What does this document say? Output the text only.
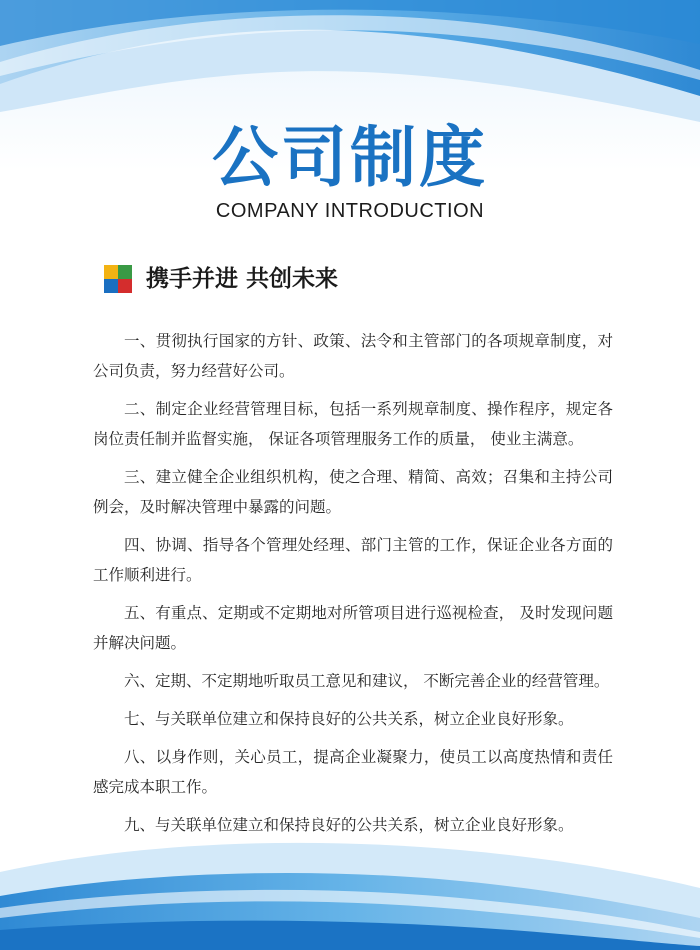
公司制度
COMPANY INTRODUCTION
携手并进 共创未来

一、贯彻执行国家的方针、政策、法令和主管部门的各项规章制度，对公司负责，努力经营好公司。

二、制定企业经营管理目标，包括一系列规章制度、操作程序，规定各岗位责任制并监督实施， 保证各项管理服务工作的质量， 使业主满意。

三、建立健全企业组织机构，使之合理、精简、高效；召集和主持公司例会，及时解决管理中暴露的问题。

四、协调、指导各个管理处经理、部门主管的工作，保证企业各方面的工作顺利进行。

五、有重点、定期或不定期地对所管项目进行巡视检查， 及时发现问题并解决问题。

六、定期、不定期地听取员工意见和建议， 不断完善企业的经营管理。

七、与关联单位建立和保持良好的公共关系，树立企业良好形象。

八、以身作则，关心员工，提高企业凝聚力，使员工以高度热情和责任感完成本职工作。

九、与关联单位建立和保持良好的公共关系，树立企业良好形象。
